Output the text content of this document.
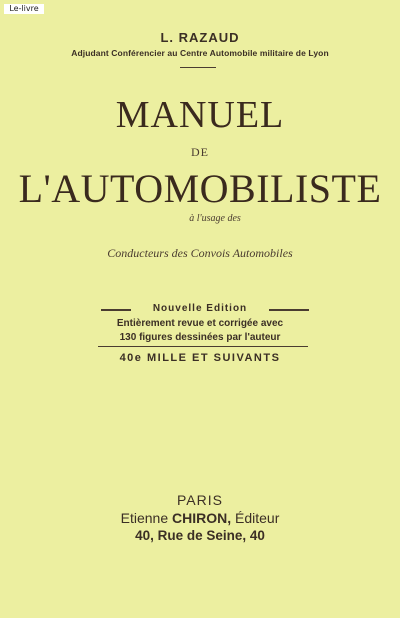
Le-livre
L. RAZAUD
Adjudant Conférencier au Centre Automobile militaire de Lyon
MANUEL
DE
L'AUTOMOBILISTE
à l'usage des
Conducteurs des Convois Automobiles
Nouvelle Edition
Entièrement revue et corrigée avec
130 figures dessinées par l'auteur
40e MILLE ET SUIVANTS
PARIS
Etienne CHIRON, Éditeur
40, Rue de Seine, 40
